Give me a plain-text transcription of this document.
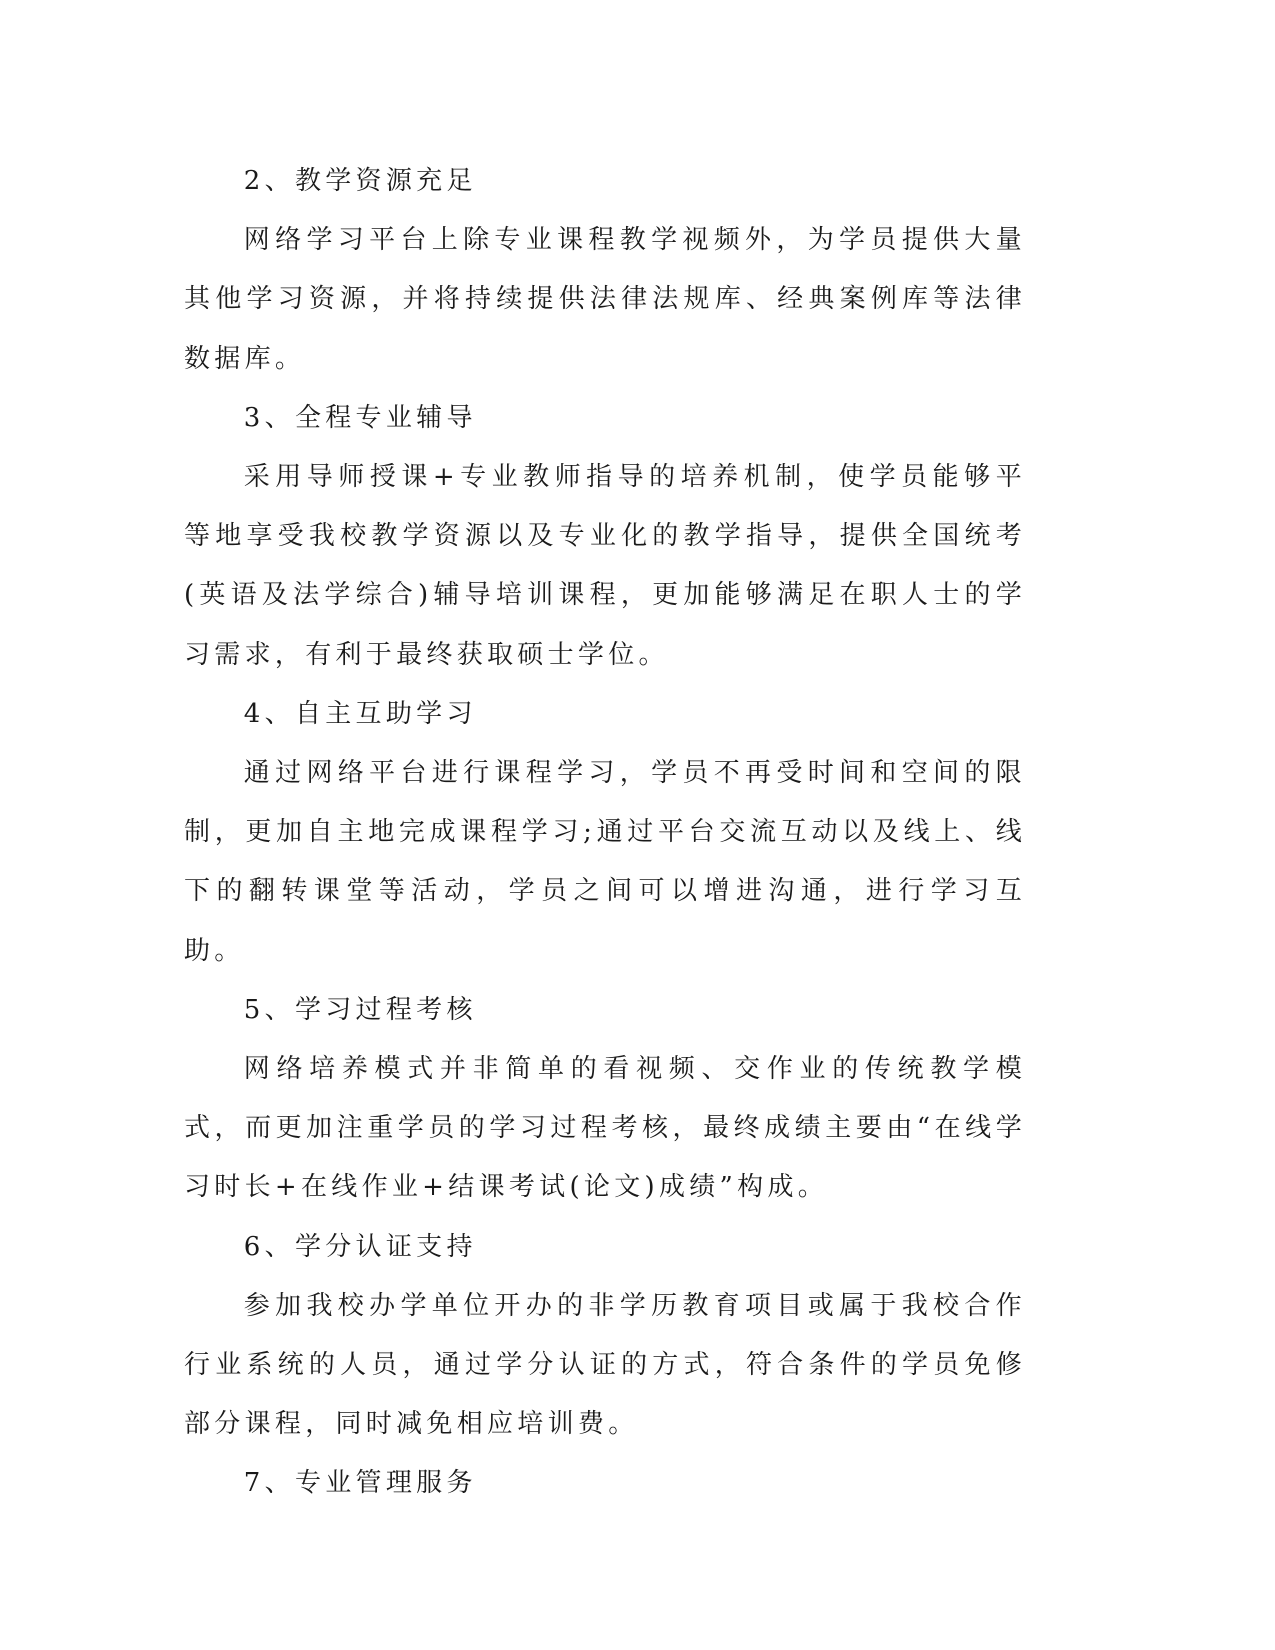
2、教学资源充足

网络学习平台上除专业课程教学视频外，为学员提供大量其他学习资源，并将持续提供法律法规库、经典案例库等法律数据库。

3、全程专业辅导

采用导师授课+专业教师指导的培养机制，使学员能够平等地享受我校教学资源以及专业化的教学指导，提供全国统考(英语及法学综合)辅导培训课程，更加能够满足在职人士的学习需求，有利于最终获取硕士学位。

4、自主互助学习

通过网络平台进行课程学习，学员不再受时间和空间的限制，更加自主地完成课程学习;通过平台交流互动以及线上、线下的翻转课堂等活动，学员之间可以增进沟通，进行学习互助。

5、学习过程考核

网络培养模式并非简单的看视频、交作业的传统教学模式，而更加注重学员的学习过程考核，最终成绩主要由“在线学习时长+在线作业+结课考试(论文)成绩”构成。

6、学分认证支持

参加我校办学单位开办的非学历教育项目或属于我校合作行业系统的人员，通过学分认证的方式，符合条件的学员免修部分课程，同时减免相应培训费。

7、专业管理服务
